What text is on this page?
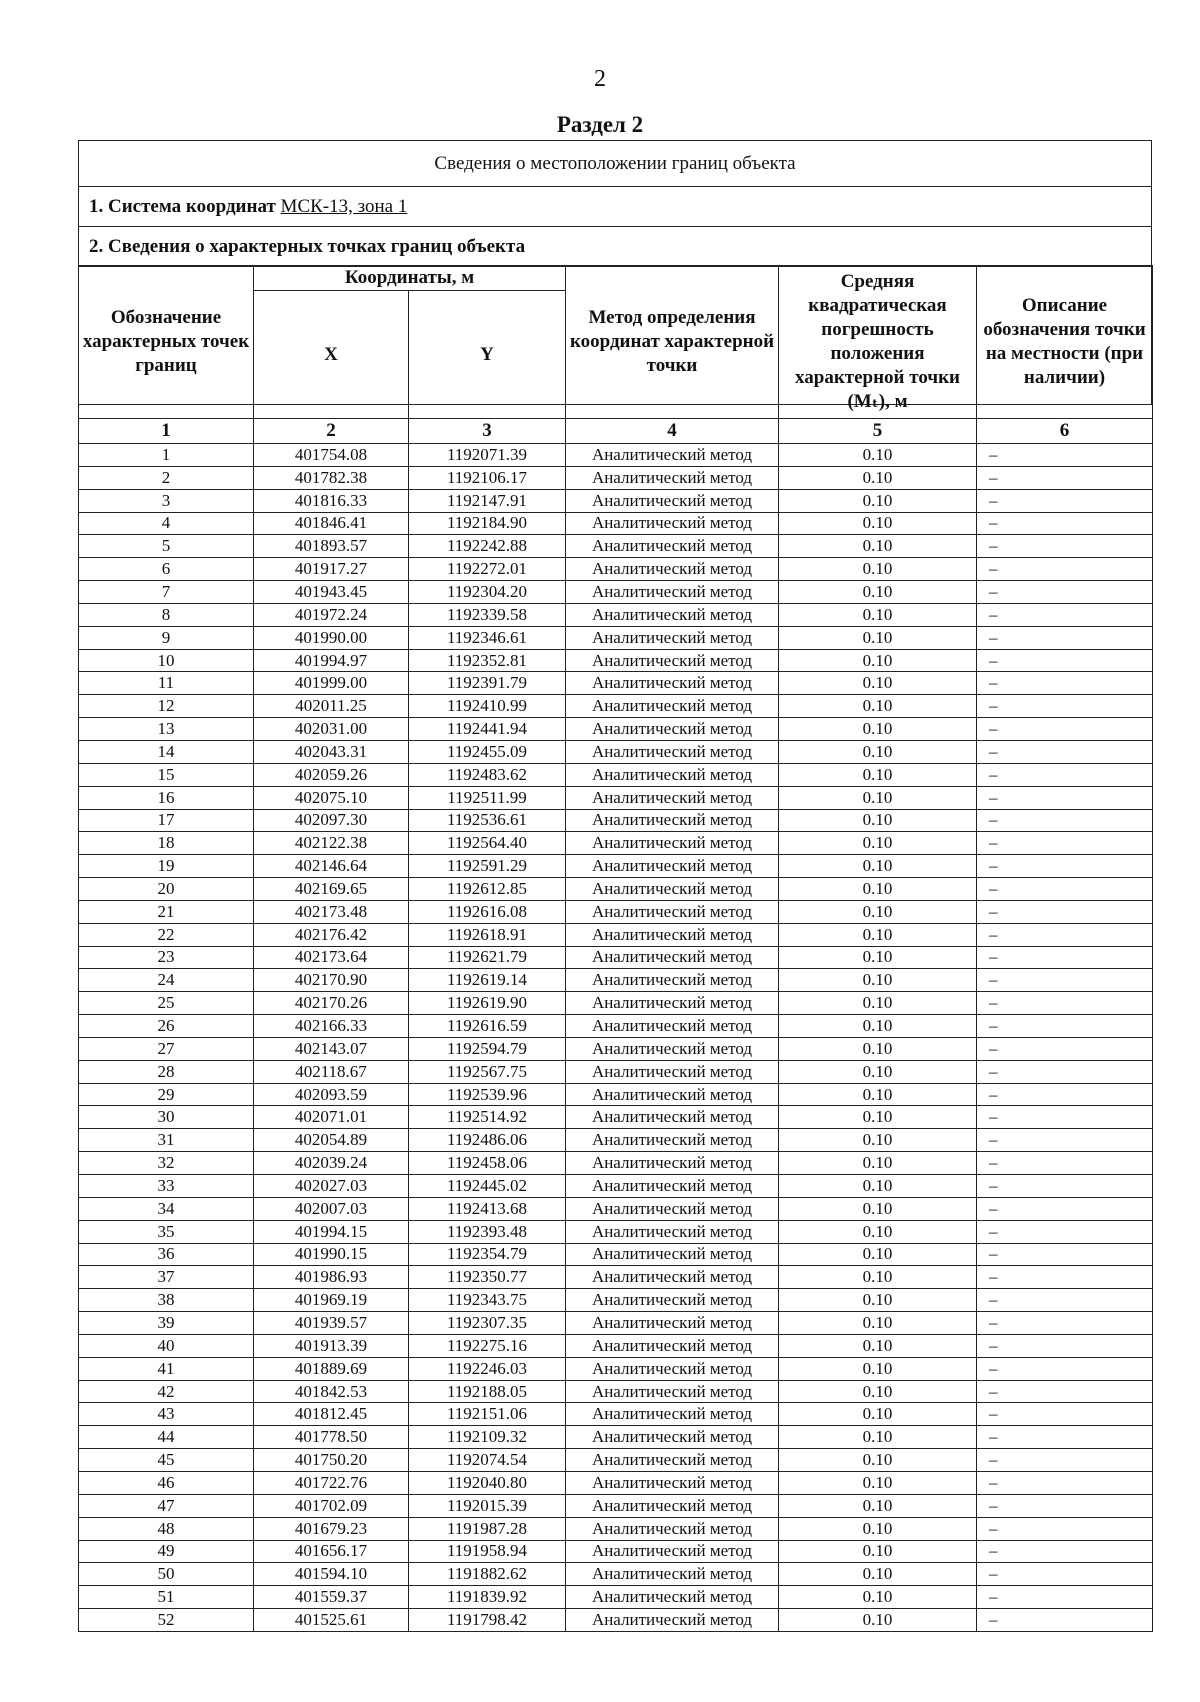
2
Раздел 2
Сведения о местоположении границ объекта
1. Система координат МСК-13, зона 1
2. Сведения о характерных точках границ объекта
Обозначение характерных точек границ	Координаты, м		Метод определения координат характерной точки	Средняя квадратическая погрешность положения характерной точки (Mₜ), м	Описание обозначения точки на местности (при наличии)
	X	Y			
1	2	3	4	5	6
1	401754.08	1192071.39	Аналитический метод	0.10	–
2	401782.38	1192106.17	Аналитический метод	0.10	–
3	401816.33	1192147.91	Аналитический метод	0.10	–
4	401846.41	1192184.90	Аналитический метод	0.10	–
5	401893.57	1192242.88	Аналитический метод	0.10	–
6	401917.27	1192272.01	Аналитический метод	0.10	–
7	401943.45	1192304.20	Аналитический метод	0.10	–
8	401972.24	1192339.58	Аналитический метод	0.10	–
9	401990.00	1192346.61	Аналитический метод	0.10	–
10	401994.97	1192352.81	Аналитический метод	0.10	–
11	401999.00	1192391.79	Аналитический метод	0.10	–
12	402011.25	1192410.99	Аналитический метод	0.10	–
13	402031.00	1192441.94	Аналитический метод	0.10	–
14	402043.31	1192455.09	Аналитический метод	0.10	–
15	402059.26	1192483.62	Аналитический метод	0.10	–
16	402075.10	1192511.99	Аналитический метод	0.10	–
17	402097.30	1192536.61	Аналитический метод	0.10	–
18	402122.38	1192564.40	Аналитический метод	0.10	–
19	402146.64	1192591.29	Аналитический метод	0.10	–
20	402169.65	1192612.85	Аналитический метод	0.10	–
21	402173.48	1192616.08	Аналитический метод	0.10	–
22	402176.42	1192618.91	Аналитический метод	0.10	–
23	402173.64	1192621.79	Аналитический метод	0.10	–
24	402170.90	1192619.14	Аналитический метод	0.10	–
25	402170.26	1192619.90	Аналитический метод	0.10	–
26	402166.33	1192616.59	Аналитический метод	0.10	–
27	402143.07	1192594.79	Аналитический метод	0.10	–
28	402118.67	1192567.75	Аналитический метод	0.10	–
29	402093.59	1192539.96	Аналитический метод	0.10	–
30	402071.01	1192514.92	Аналитический метод	0.10	–
31	402054.89	1192486.06	Аналитический метод	0.10	–
32	402039.24	1192458.06	Аналитический метод	0.10	–
33	402027.03	1192445.02	Аналитический метод	0.10	–
34	402007.03	1192413.68	Аналитический метод	0.10	–
35	401994.15	1192393.48	Аналитический метод	0.10	–
36	401990.15	1192354.79	Аналитический метод	0.10	–
37	401986.93	1192350.77	Аналитический метод	0.10	–
38	401969.19	1192343.75	Аналитический метод	0.10	–
39	401939.57	1192307.35	Аналитический метод	0.10	–
40	401913.39	1192275.16	Аналитический метод	0.10	–
41	401889.69	1192246.03	Аналитический метод	0.10	–
42	401842.53	1192188.05	Аналитический метод	0.10	–
43	401812.45	1192151.06	Аналитический метод	0.10	–
44	401778.50	1192109.32	Аналитический метод	0.10	–
45	401750.20	1192074.54	Аналитический метод	0.10	–
46	401722.76	1192040.80	Аналитический метод	0.10	–
47	401702.09	1192015.39	Аналитический метод	0.10	–
48	401679.23	1191987.28	Аналитический метод	0.10	–
49	401656.17	1191958.94	Аналитический метод	0.10	–
50	401594.10	1191882.62	Аналитический метод	0.10	–
51	401559.37	1191839.92	Аналитический метод	0.10	–
52	401525.61	1191798.42	Аналитический метод	0.10	–
